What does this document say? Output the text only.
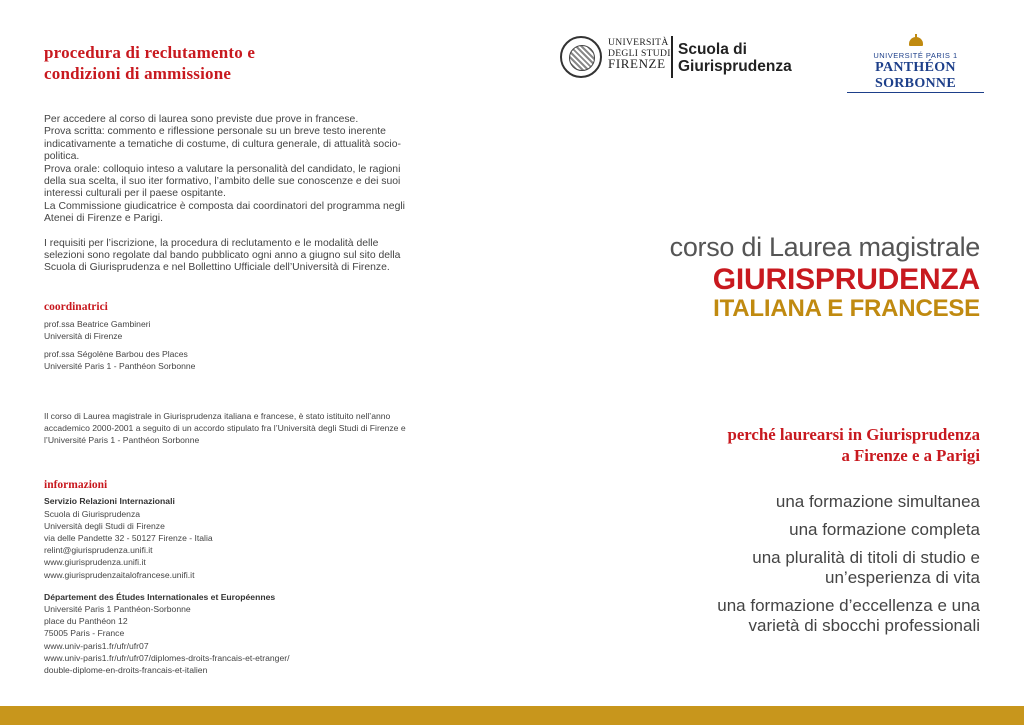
procedura di reclutamento e
condizioni di ammissione
Per accedere al corso di laurea sono previste due prove in francese.
Prova scritta: commento e riflessione personale su un breve testo inerente
indicativamente a tematiche di costume, di cultura generale, di attualità socio-
politica.
Prova orale: colloquio inteso a valutare la personalità del candidato, le ragioni
della sua scelta, il suo iter formativo, l’ambito delle sue conoscenze e dei suoi
interessi culturali per il paese ospitante.
La Commissione giudicatrice è composta dai coordinatori del programma negli
Atenei di Firenze e Parigi.
I requisiti per l’iscrizione, la procedura di reclutamento e le modalità delle
selezioni sono regolate dal bando pubblicato ogni anno a giugno sul sito della
Scuola di Giurisprudenza e nel Bollettino Ufficiale dell’Università di Firenze.
coordinatrici
prof.ssa Beatrice Gambineri
Università di Firenze
prof.ssa Ségolène Barbou des Places
Université Paris 1 - Panthéon Sorbonne
Il corso di Laurea magistrale in Giurisprudenza italiana e francese, è stato istituito nell’anno
accademico 2000-2001 a seguito di un accordo stipulato fra l’Università degli Studi di Firenze e
l’Université Paris 1 - Panthéon Sorbonne
informazioni
Servizio Relazioni Internazionali
Scuola di Giurisprudenza
Università degli Studi di Firenze
via delle Pandette 32 - 50127 Firenze - Italia
relint@giurisprudenza.unifi.it
www.giurisprudenza.unifi.it
www.giurisprudenzaitalofrancese.unifi.it
Département des Études Internationales et Européennes
Université Paris 1 Panthéon-Sorbonne
place du Panthéon 12
75005 Paris - France
www.univ-paris1.fr/ufr/ufr07
www.univ-paris1.fr/ufr/ufr07/diplomes-droits-francais-et-etranger/
double-diplome-en-droits-francais-et-italien
UNIVERSITÀ
DEGLI STUDI
FIRENZE
Scuola di
Giurisprudenza
UNIVERSITÉ PARIS 1
PANTHÉON SORBONNE
corso di Laurea magistrale
GIURISPRUDENZA
ITALIANA E FRANCESE
perché laurearsi in Giurisprudenza
a Firenze e a Parigi
una formazione simultanea
una formazione completa
una pluralità di titoli di studio e
un’esperienza di vita
una formazione d’eccellenza e una
varietà di sbocchi professionali
